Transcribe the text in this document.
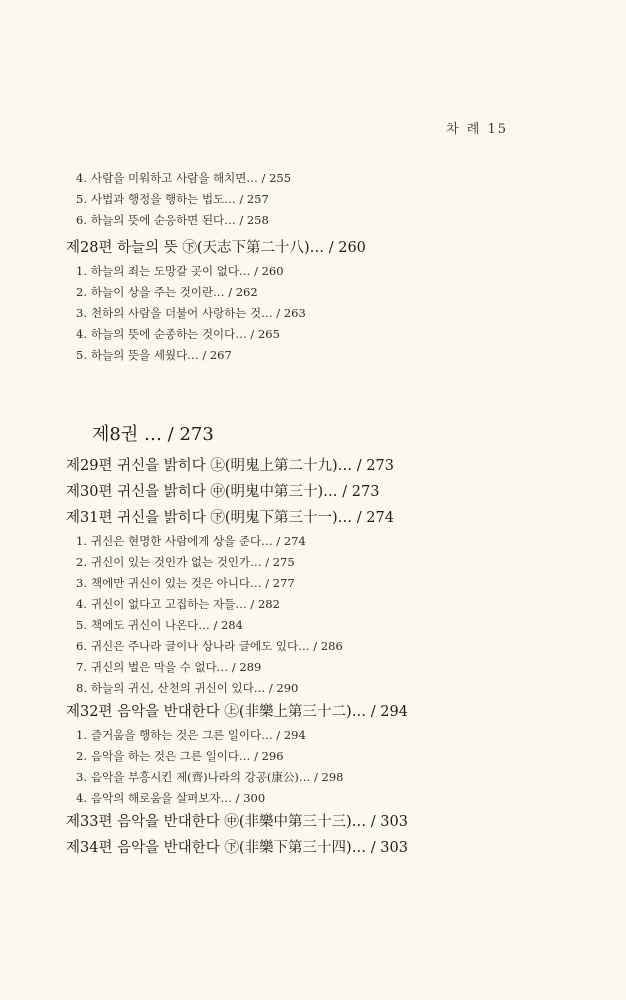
차 례 15
4. 사람을 미워하고 사람을 해치면… / 255
5. 사법과 행정을 행하는 법도… / 257
6. 하늘의 뜻에 순응하면 된다… / 258
제28편 하늘의 뜻 ㊦(天志下第二十八)… / 260
1. 하늘의 죄는 도망갈 곳이 없다… / 260
2. 하늘이 상을 주는 것이란… / 262
3. 천하의 사람을 더불어 사랑하는 것… / 263
4. 하늘의 뜻에 순종하는 것이다… / 265
5. 하늘의 뜻을 세웠다… / 267
제8권 … / 273
제29편 귀신을 밝히다 ㊤(明鬼上第二十九)… / 273
제30편 귀신을 밝히다 ㊥(明鬼中第三十)… / 273
제31편 귀신을 밝히다 ㊦(明鬼下第三十一)… / 274
1. 귀신은 현명한 사람에게 상을 준다… / 274
2. 귀신이 있는 것인가 없는 것인가… / 275
3. 책에만 귀신이 있는 것은 아니다… / 277
4. 귀신이 없다고 고집하는 자들… / 282
5. 책에도 귀신이 나온다… / 284
6. 귀신은 주나라 글이나 상나라 글에도 있다… / 286
7. 귀신의 벌은 막을 수 없다… / 289
8. 하늘의 귀신, 산천의 귀신이 있다… / 290
제32편 음악을 반대한다 ㊤(非樂上第三十二)… / 294
1. 즐거움을 행하는 것은 그른 일이다… / 294
2. 음악을 하는 것은 그른 일이다… / 296
3. 음악을 부흥시킨 제(齊)나라의 강공(康公)… / 298
4. 음악의 해로움을 살펴보자… / 300
제33편 음악을 반대한다 ㊥(非樂中第三十三)… / 303
제34편 음악을 반대한다 ㊦(非樂下第三十四)… / 303
